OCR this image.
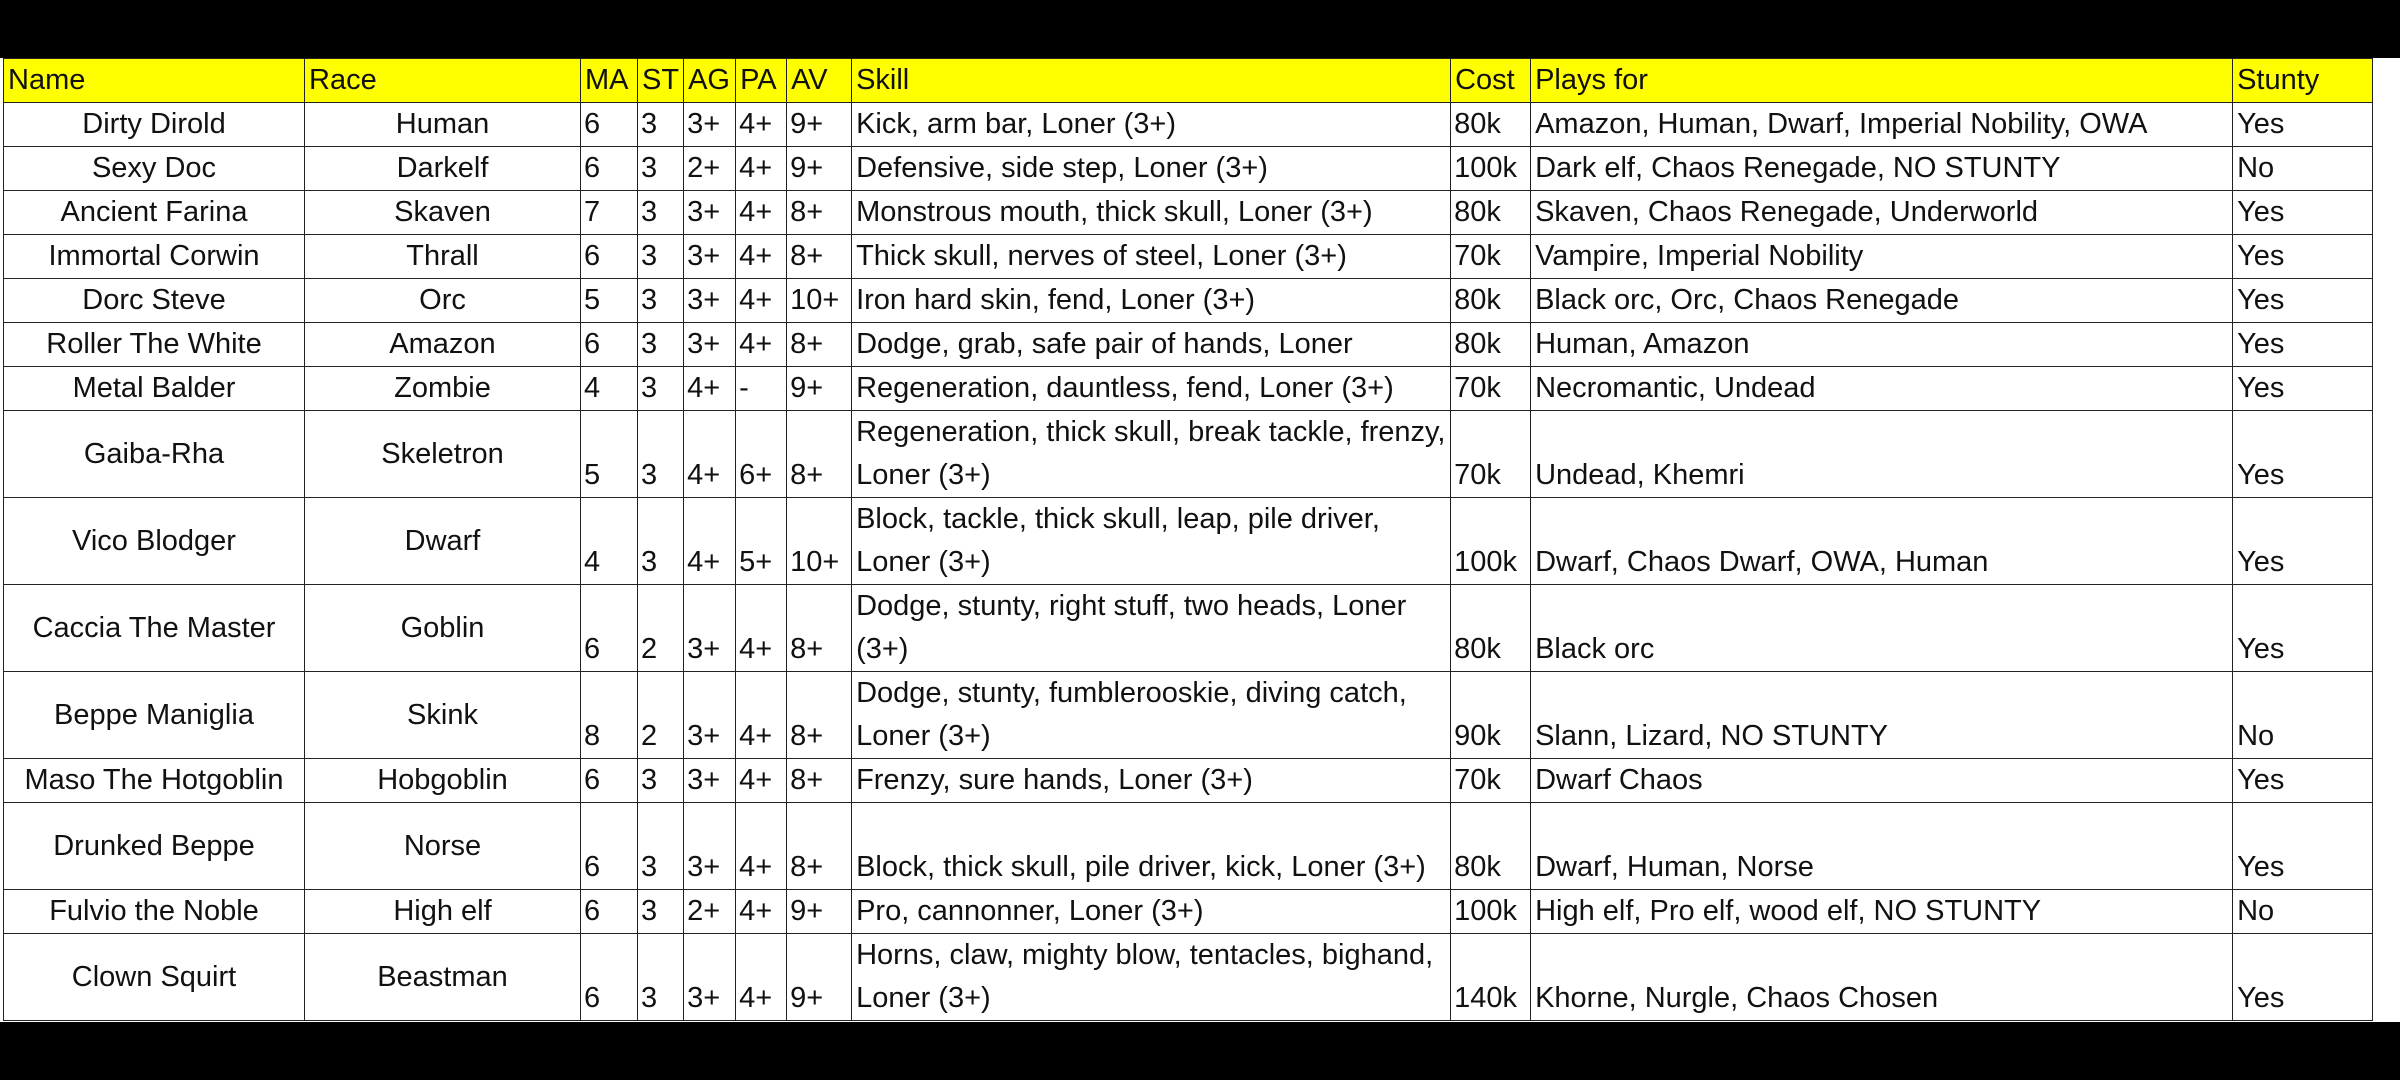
Name	Race	MA	ST	AG	PA	AV	Skill	Cost	Plays for	Stunty
Dirty Dirold	Human	6	3	3+	4+	9+	Kick, arm bar, Loner (3+)	80k	Amazon, Human, Dwarf, Imperial Nobility, OWA	Yes
Sexy Doc	Darkelf	6	3	2+	4+	9+	Defensive, side step, Loner (3+)	100k	Dark elf, Chaos Renegade, NO STUNTY	No
Ancient Farina	Skaven	7	3	3+	4+	8+	Monstrous mouth, thick skull, Loner (3+)	80k	Skaven, Chaos Renegade, Underworld	Yes
Immortal Corwin	Thrall	6	3	3+	4+	8+	Thick skull, nerves of steel, Loner (3+)	70k	Vampire, Imperial Nobility	Yes
Dorc Steve	Orc	5	3	3+	4+	10+	Iron hard skin, fend, Loner (3+)	80k	Black orc, Orc, Chaos Renegade	Yes
Roller The White	Amazon	6	3	3+	4+	8+	Dodge, grab, safe pair of hands, Loner	80k	Human, Amazon	Yes
Metal Balder	Zombie	4	3	4+	-	9+	Regeneration, dauntless, fend, Loner (3+)	70k	Necromantic, Undead	Yes
Gaiba-Rha	Skeletron	5	3	4+	6+	8+	Regeneration, thick skull, break tackle, frenzy, Loner (3+)	70k	Undead, Khemri	Yes
Vico Blodger	Dwarf	4	3	4+	5+	10+	Block, tackle, thick skull, leap, pile driver, Loner (3+)	100k	Dwarf, Chaos Dwarf, OWA, Human	Yes
Caccia The Master	Goblin	6	2	3+	4+	8+	Dodge, stunty, right stuff, two heads, Loner (3+)	80k	Black orc	Yes
Beppe Maniglia	Skink	8	2	3+	4+	8+	Dodge, stunty, fumblerooskie, diving catch, Loner (3+)	90k	Slann, Lizard, NO STUNTY	No
Maso The Hotgoblin	Hobgoblin	6	3	3+	4+	8+	Frenzy, sure hands, Loner (3+)	70k	Dwarf Chaos	Yes
Drunked Beppe	Norse	6	3	3+	4+	8+	Block, thick skull, pile driver, kick, Loner (3+)	80k	Dwarf, Human, Norse	Yes
Fulvio the Noble	High elf	6	3	2+	4+	9+	Pro, cannonner, Loner (3+)	100k	High elf, Pro elf, wood elf, NO STUNTY	No
Clown Squirt	Beastman	6	3	3+	4+	9+	Horns, claw, mighty blow, tentacles, bighand, Loner (3+)	140k	Khorne, Nurgle, Chaos Chosen	Yes
